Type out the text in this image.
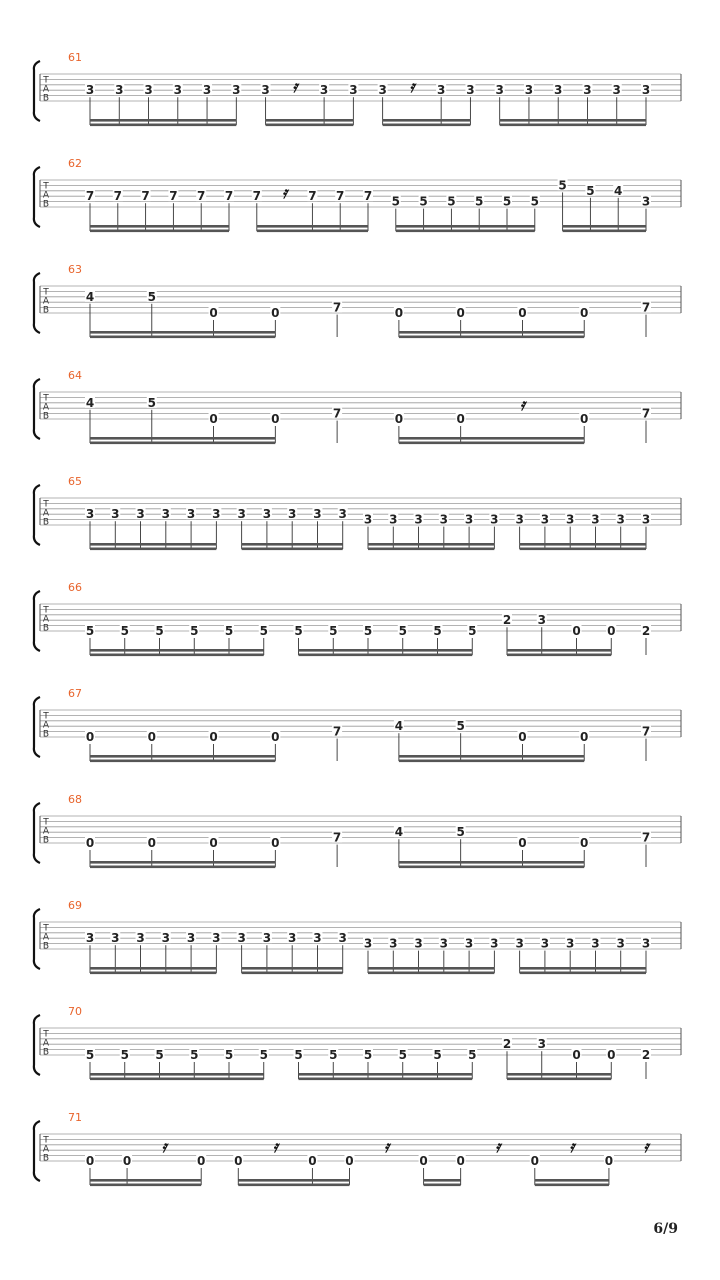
61
T
A
B
3 3 3 3 3 3 3 𝄿 3 3 3 𝄿 3 3 3 3 3 3 3 3
62
T
A
B
7 7 7 7 7 7 7 𝄿 7 7 7 5 5 5 5 5 5
5 5 4
3
63
T
A
B
4	5
0	0	7	0	0	0	0	7
64
T
A
B
4	5
0	0	7	0	0
𝄿
0	7
65
T
A
B
3 3 3 3 3 3 3 3 3 3 3 3 3 3 3 3 3 3 3 3 3 3 3
66
T
A
B	5 5 5 5 5 5 5 5 5 5 5 5
2 3
0 0 2
67
T
A
B	0	0	0	0	7	4	5
0	0	7
68
T
A
B	0	0	0	0	7	4	5
0	0	7
69
T
A
B
3 3 3 3 3 3 3 3 3 3 3 3 3 3 3 3 3 3 3 3 3 3 3
70
T
A
B	5 5 5 5 5 5 5 5 5 5 5 5
2 3
0 0 2
71
T
A
B	0 0
𝄿
0 0
𝄿
0 0
𝄿
0 0
𝄿
0
𝄿
0
𝄿
6/9
